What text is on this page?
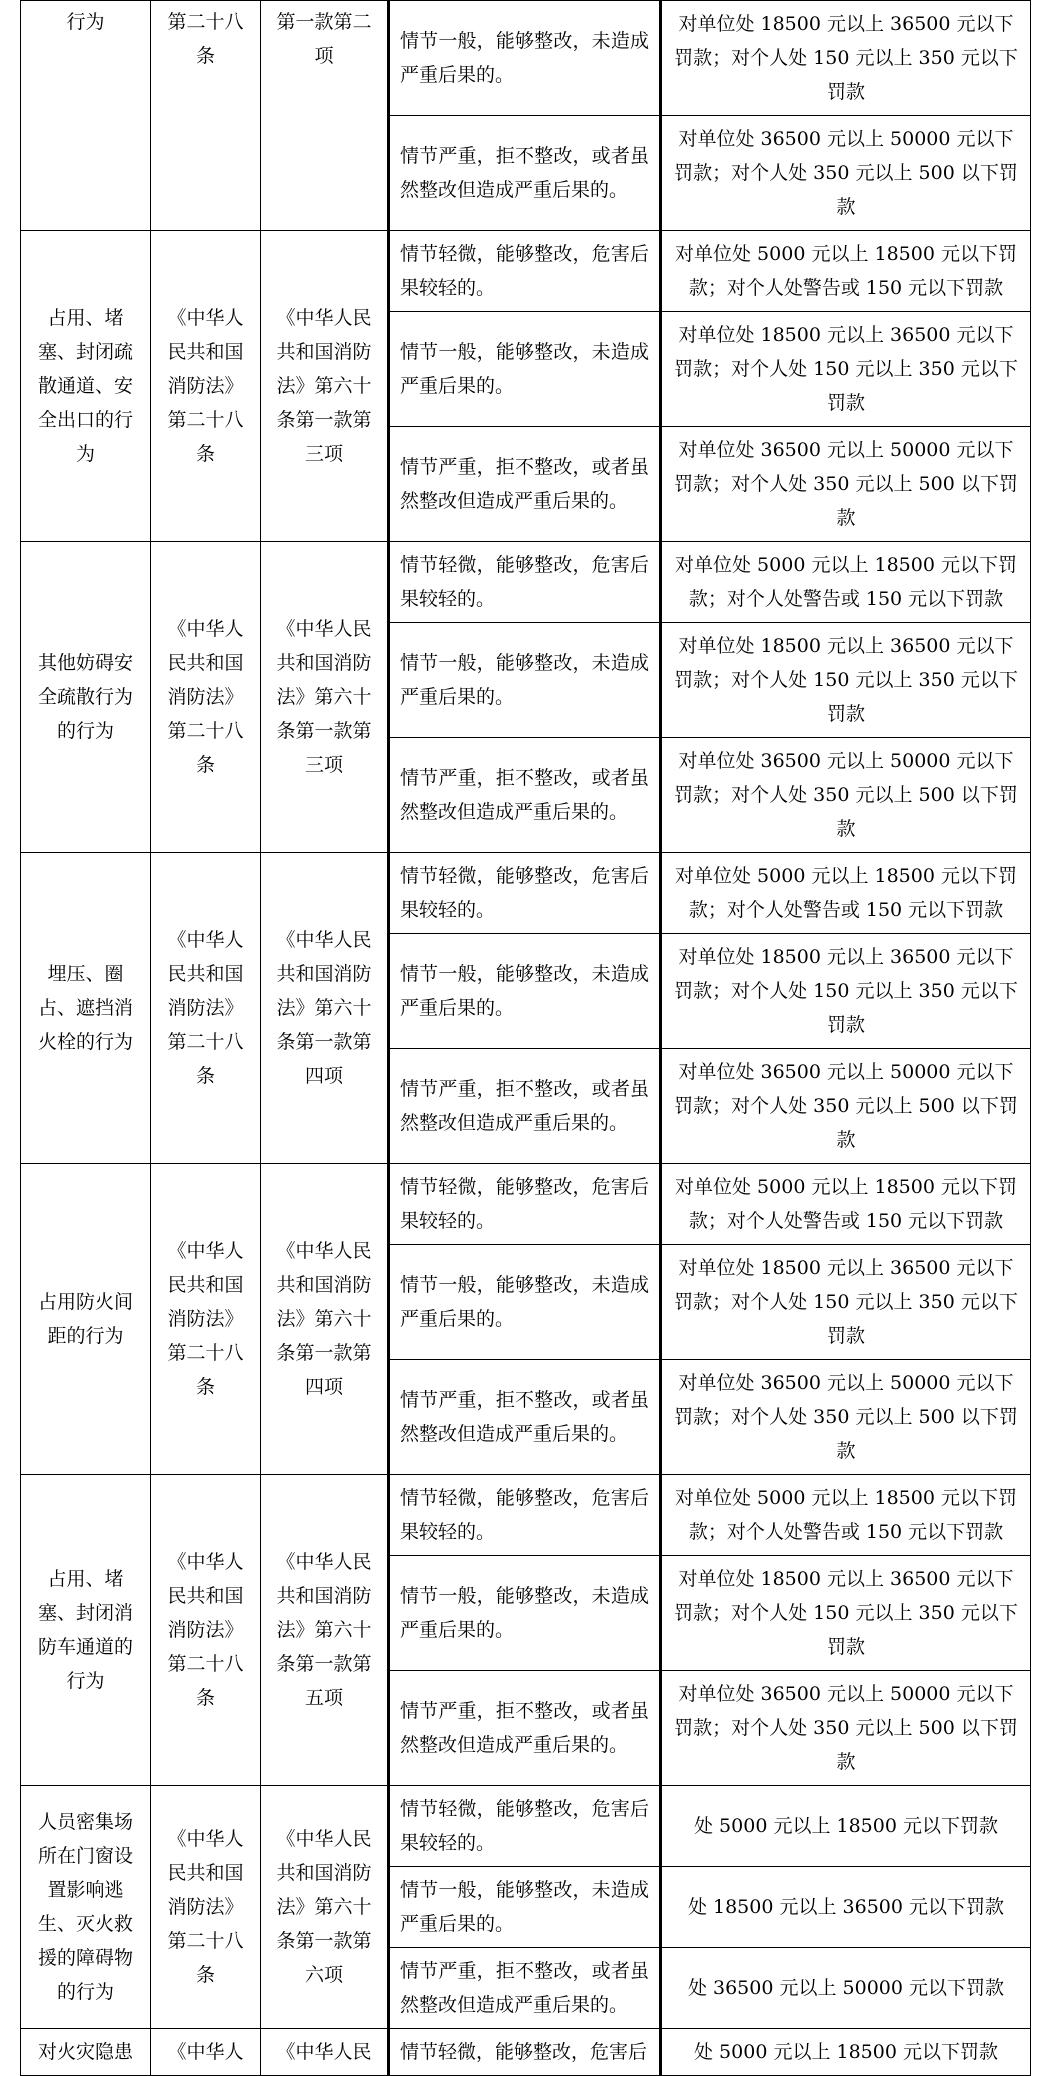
行为	第二十八条	第一款第二项	情节一般，能够整改，未造成严重后果的。	对单位处 18500 元以上 36500 元以下罚款；对个人处 150 元以上 350 元以下罚款
			情节严重，拒不整改，或者虽然整改但造成严重后果的。	对单位处 36500 元以上 50000 元以下罚款；对个人处 350 元以上 500 以下罚款
占用、堵塞、封闭疏散通道、安全出口的行为	《中华人民共和国消防法》第二十八条	《中华人民共和国消防法》第六十条第一款第三项	情节轻微，能够整改，危害后果较轻的。	对单位处 5000 元以上 18500 元以下罚款；对个人处警告或 150 元以下罚款
			情节一般，能够整改，未造成严重后果的。	对单位处 18500 元以上 36500 元以下罚款；对个人处 150 元以上 350 元以下罚款
			情节严重，拒不整改，或者虽然整改但造成严重后果的。	对单位处 36500 元以上 50000 元以下罚款；对个人处 350 元以上 500 以下罚款
其他妨碍安全疏散行为的行为	《中华人民共和国消防法》第二十八条	《中华人民共和国消防法》第六十条第一款第三项	情节轻微，能够整改，危害后果较轻的。	对单位处 5000 元以上 18500 元以下罚款；对个人处警告或 150 元以下罚款
			情节一般，能够整改，未造成严重后果的。	对单位处 18500 元以上 36500 元以下罚款；对个人处 150 元以上 350 元以下罚款
			情节严重，拒不整改，或者虽然整改但造成严重后果的。	对单位处 36500 元以上 50000 元以下罚款；对个人处 350 元以上 500 以下罚款
埋压、圈占、遮挡消火栓的行为	《中华人民共和国消防法》第二十八条	《中华人民共和国消防法》第六十条第一款第四项	情节轻微，能够整改，危害后果较轻的。	对单位处 5000 元以上 18500 元以下罚款；对个人处警告或 150 元以下罚款
			情节一般，能够整改，未造成严重后果的。	对单位处 18500 元以上 36500 元以下罚款；对个人处 150 元以上 350 元以下罚款
			情节严重，拒不整改，或者虽然整改但造成严重后果的。	对单位处 36500 元以上 50000 元以下罚款；对个人处 350 元以上 500 以下罚款
占用防火间距的行为	《中华人民共和国消防法》第二十八条	《中华人民共和国消防法》第六十条第一款第四项	情节轻微，能够整改，危害后果较轻的。	对单位处 5000 元以上 18500 元以下罚款；对个人处警告或 150 元以下罚款
			情节一般，能够整改，未造成严重后果的。	对单位处 18500 元以上 36500 元以下罚款；对个人处 150 元以上 350 元以下罚款
			情节严重，拒不整改，或者虽然整改但造成严重后果的。	对单位处 36500 元以上 50000 元以下罚款；对个人处 350 元以上 500 以下罚款
占用、堵塞、封闭消防车通道的行为	《中华人民共和国消防法》第二十八条	《中华人民共和国消防法》第六十条第一款第五项	情节轻微，能够整改，危害后果较轻的。	对单位处 5000 元以上 18500 元以下罚款；对个人处警告或 150 元以下罚款
			情节一般，能够整改，未造成严重后果的。	对单位处 18500 元以上 36500 元以下罚款；对个人处 150 元以上 350 元以下罚款
			情节严重，拒不整改，或者虽然整改但造成严重后果的。	对单位处 36500 元以上 50000 元以下罚款；对个人处 350 元以上 500 以下罚款
人员密集场所在门窗设置影响逃生、灭火救援的障碍物的行为	《中华人民共和国消防法》第二十八条	《中华人民共和国消防法》第六十条第一款第六项	情节轻微，能够整改，危害后果较轻的。	处 5000 元以上 18500 元以下罚款
			情节一般，能够整改，未造成严重后果的。	处 18500 元以上 36500 元以下罚款
			情节严重，拒不整改，或者虽然整改但造成严重后果的。	处 36500 元以上 50000 元以下罚款
对火灾隐患	《中华人	《中华人民	情节轻微，能够整改，危害后	处 5000 元以上 18500 元以下罚款
